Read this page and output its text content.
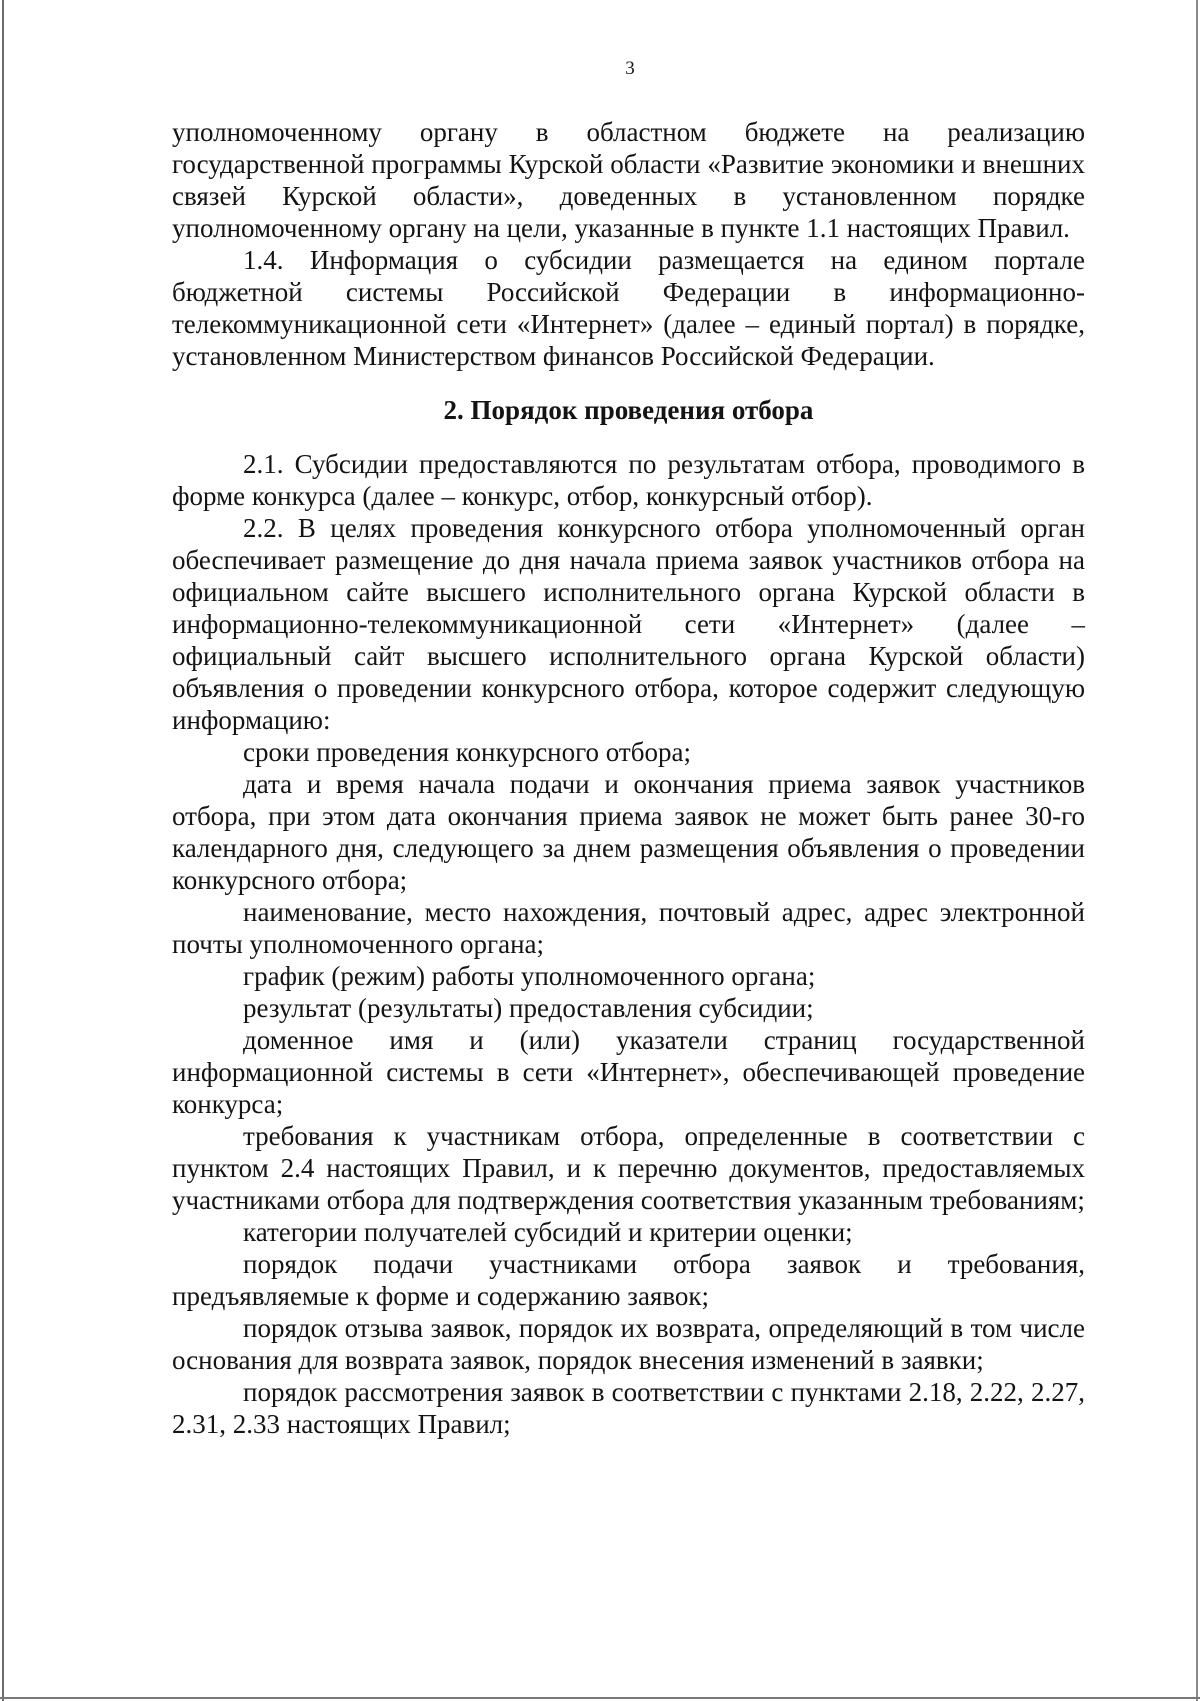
3

уполномоченному органу в областном бюджете на реализацию государственной программы Курской области «Развитие экономики и внешних связей Курской области», доведенных в установленном порядке уполномоченному органу на цели, указанные в пункте 1.1 настоящих Правил.

1.4. Информация о субсидии размещается на едином портале бюджетной системы Российской Федерации в информационно-телекоммуникационной сети «Интернет» (далее – единый портал) в порядке, установленном Министерством финансов Российской Федерации.

2. Порядок проведения отбора

2.1. Субсидии предоставляются по результатам отбора, проводимого в форме конкурса (далее – конкурс, отбор, конкурсный отбор).

2.2. В целях проведения конкурсного отбора уполномоченный орган обеспечивает размещение до дня начала приема заявок участников отбора на официальном сайте высшего исполнительного органа Курской области в информационно-телекоммуникационной сети «Интернет» (далее – официальный сайт высшего исполнительного органа Курской области) объявления о проведении конкурсного отбора, которое содержит следующую информацию:

сроки проведения конкурсного отбора;

дата и время начала подачи и окончания приема заявок участников отбора, при этом дата окончания приема заявок не может быть ранее 30-го календарного дня, следующего за днем размещения объявления о проведении конкурсного отбора;

наименование, место нахождения, почтовый адрес, адрес электронной почты уполномоченного органа;

график (режим) работы уполномоченного органа;

результат (результаты) предоставления субсидии;

доменное имя и (или) указатели страниц государственной информационной системы в сети «Интернет», обеспечивающей проведение конкурса;

требования к участникам отбора, определенные в соответствии с пунктом 2.4 настоящих Правил, и к перечню документов, предоставляемых участниками отбора для подтверждения соответствия указанным требованиям;

категории получателей субсидий и критерии оценки;

порядок подачи участниками отбора заявок и требования, предъявляемые к форме и содержанию заявок;

порядок отзыва заявок, порядок их возврата, определяющий в том числе основания для возврата заявок, порядок внесения изменений в заявки;

порядок рассмотрения заявок в соответствии с пунктами 2.18, 2.22, 2.27, 2.31, 2.33 настоящих Правил;
